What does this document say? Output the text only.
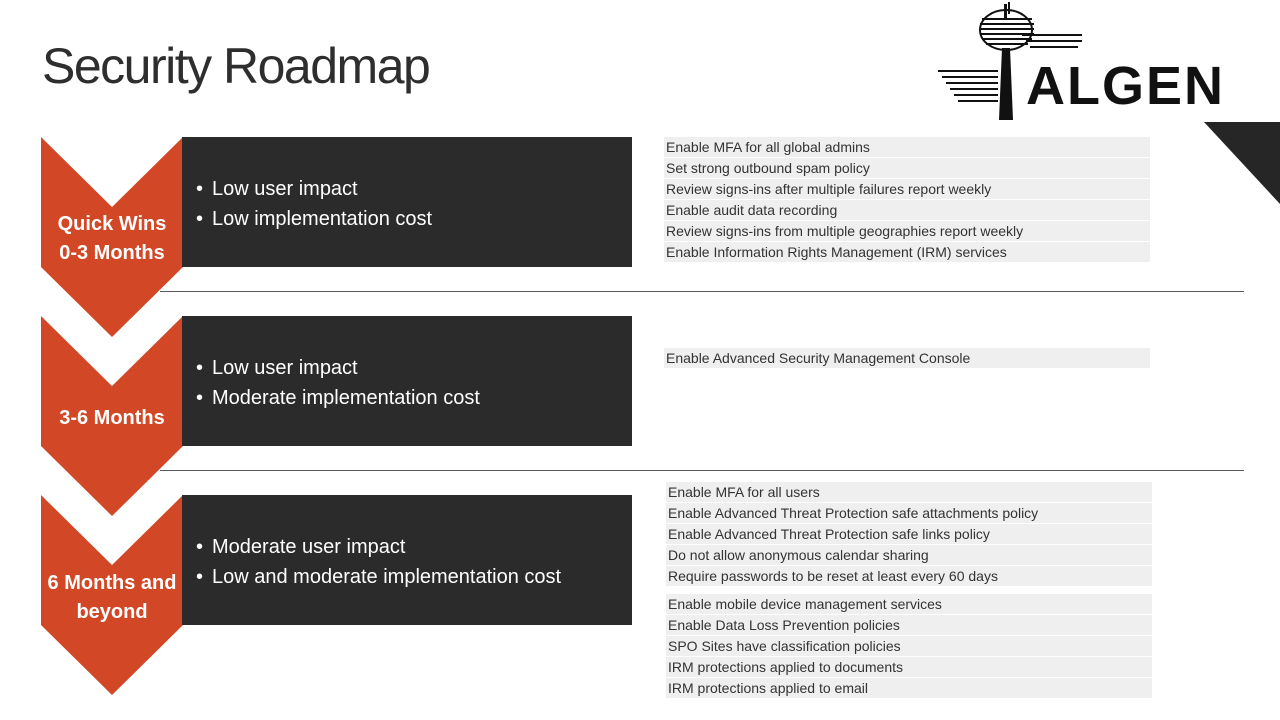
Security Roadmap	ALGEN
Quick Wins
0-3 Months
• Low user impact
• Low implementation cost
Enable MFA for all global admins
Set strong outbound spam policy
Review signs-ins after multiple failures report weekly
Enable audit data recording
Review signs-ins from multiple geographies report weekly
Enable Information Rights Management (IRM) services
3-6 Months
• Low user impact
• Moderate implementation cost
Enable Advanced Security Management Console
6 Months and
beyond
• Moderate user impact
• Low and moderate implementation cost
Enable MFA for all users
Enable Advanced Threat Protection safe attachments policy
Enable Advanced Threat Protection safe links policy
Do not allow anonymous calendar sharing
Require passwords to be reset at least every 60 days
Enable mobile device management services
Enable Data Loss Prevention policies
SPO Sites have classification policies
IRM protections applied to documents
IRM protections applied to email
